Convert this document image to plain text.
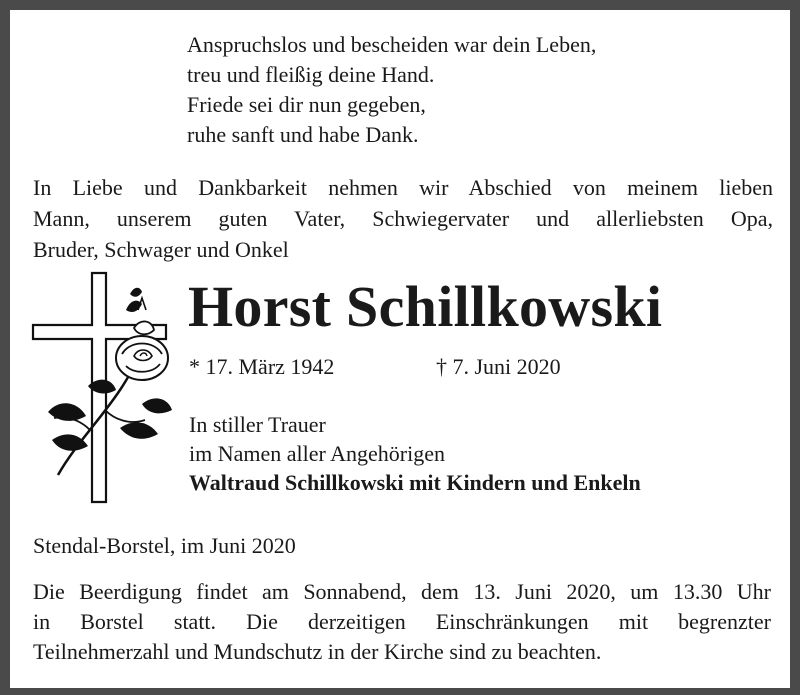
Anspruchslos und bescheiden war dein Leben,
treu und fleißig deine Hand.
Friede sei dir nun gegeben,
ruhe sanft und habe Dank.
In Liebe und Dankbarkeit nehmen wir Abschied von meinem lieben
Mann, unserem guten Vater, Schwiegervater und allerliebsten Opa,
Bruder, Schwager und Onkel
Horst Schillkowski
* 17. März 1942	† 7. Juni 2020
In stiller Trauer
im Namen aller Angehörigen
Waltraud Schillkowski mit Kindern und Enkeln
Stendal-Borstel, im Juni 2020
Die Beerdigung findet am Sonnabend, dem 13. Juni 2020, um 13.30 Uhr
in Borstel statt. Die derzeitigen Einschränkungen mit begrenzter
Teilnehmerzahl und Mundschutz in der Kirche sind zu beachten.
